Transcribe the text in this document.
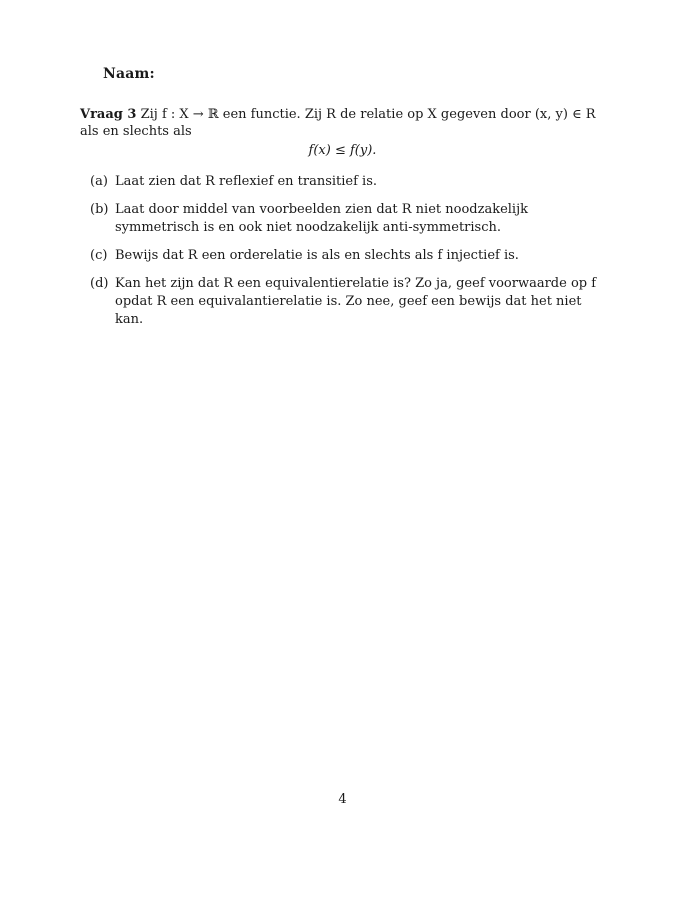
Naam:
Vraag 3 Zij f : X → ℝ een functie. Zij R de relatie op X gegeven door (x, y) ∈ R als en slechts als
f(x) ≤ f(y).
(a) Laat zien dat R reflexief en transitief is.
(b) Laat door middel van voorbeelden zien dat R niet noodzakelijk symmetrisch is en ook niet noodzakelijk anti-symmetrisch.
(c) Bewijs dat R een orderelatie is als en slechts als f injectief is.
(d) Kan het zijn dat R een equivalentierelatie is? Zo ja, geef voorwaarde op f opdat R een equivalantierelatie is. Zo nee, geef een bewijs dat het niet kan.
4
